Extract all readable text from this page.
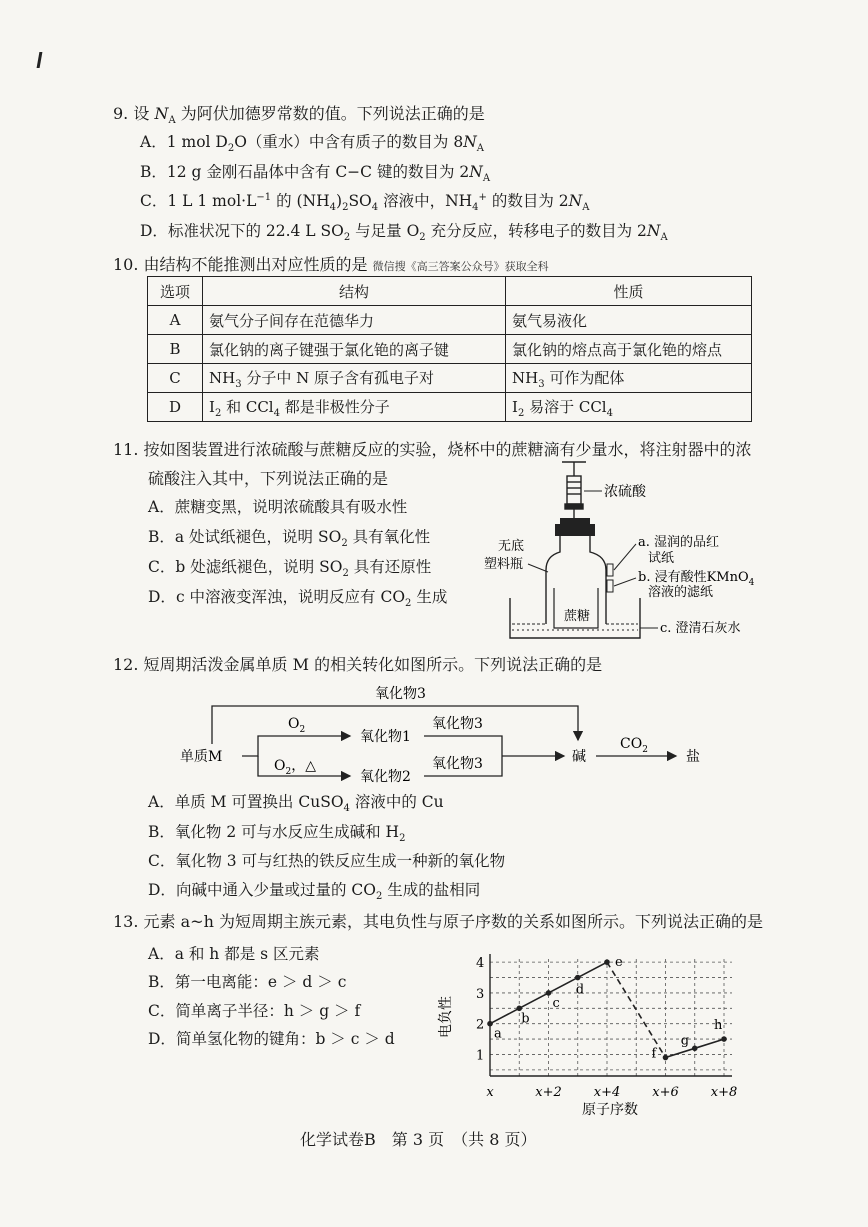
9. 设 $N_A$ 为阿伏加德罗常数的值。下列说法正确的是
A．1 mol $D_2O$（重水）中含有质子的数目为 $8N_A$
B．12 g 金刚石晶体中含有 C−C 键的数目为 $2N_A$
C．1 L 1 $mol\cdot L^{-1}$ 的 $(NH_4)_2SO_4$ 溶液中，$NH_4^+$ 的数目为 $2N_A$
D．标准状况下的 22.4 L $SO_2$ 与足量 $O_2$ 充分反应，转移电子的数目为 $2N_A$
10. 由结构不能推测出对应性质的是 微信搜《高三答案公众号》获取全科
选项	结构	性质
A	氨气分子间存在范德华力	氨气易液化
B	氯化钠的离子键强于氯化铯的离子键	氯化钠的熔点高于氯化铯的熔点
C	$NH_3$ 分子中 N 原子含有孤电子对	$NH_3$ 可作为配体
D	$I_2$ 和 CCl$_4$ 都是非极性分子	$I_2$ 易溶于 CCl$_4$
11. 按如图装置进行浓硫酸与蔗糖反应的实验，烧杯中的蔗糖滴有少量水，将注射器中的浓
硫酸注入其中，下列说法正确的是
A．蔗糖变黑，说明浓硫酸具有吸水性
B．a 处试纸褪色，说明 $SO_2$ 具有氧化性
C．b 处滤纸褪色，说明 $SO_2$ 具有还原性
D．c 中溶液变浑浊，说明反应有 $CO_2$ 生成
浓硫酸
蔗糖
无底
塑料瓶
a. 湿润的品红
试纸
b. 浸有酸性KMnO$_4$
溶液的滤纸
c. 澄清石灰水
12. 短周期活泼金属单质 M 的相关转化如图所示。下列说法正确的是
氧化物3
单质M
$O_2$
$O_2$，△
氧化物1
氧化物2
氧化物3
氧化物3	碱
$CO_2$	盐
A．单质 M 可置换出 CuSO$_4$ 溶液中的 Cu
B．氧化物 2 可与水反应生成碱和 $H_2$
C．氧化物 3 可与红热的铁反应生成一种新的氧化物
D．向碱中通入少量或过量的 $CO_2$ 生成的盐相同
13. 元素 a~h 为短周期主族元素，其电负性与原子序数的关系如图所示。下列说法正确的是
A．a 和 h 都是 s 区元素
B．第一电离能：e ＞ d ＞ c
C．简单离子半径：h ＞ g ＞ f
D．简单氢化物的键角：b ＞ c ＞ d
1
2
3
4
x	x+2 x+4 x+6 x+8
a
b
c
d
e
f
g
h
电负性
原子序数
化学试卷B　第 3 页　（共 8 页）
